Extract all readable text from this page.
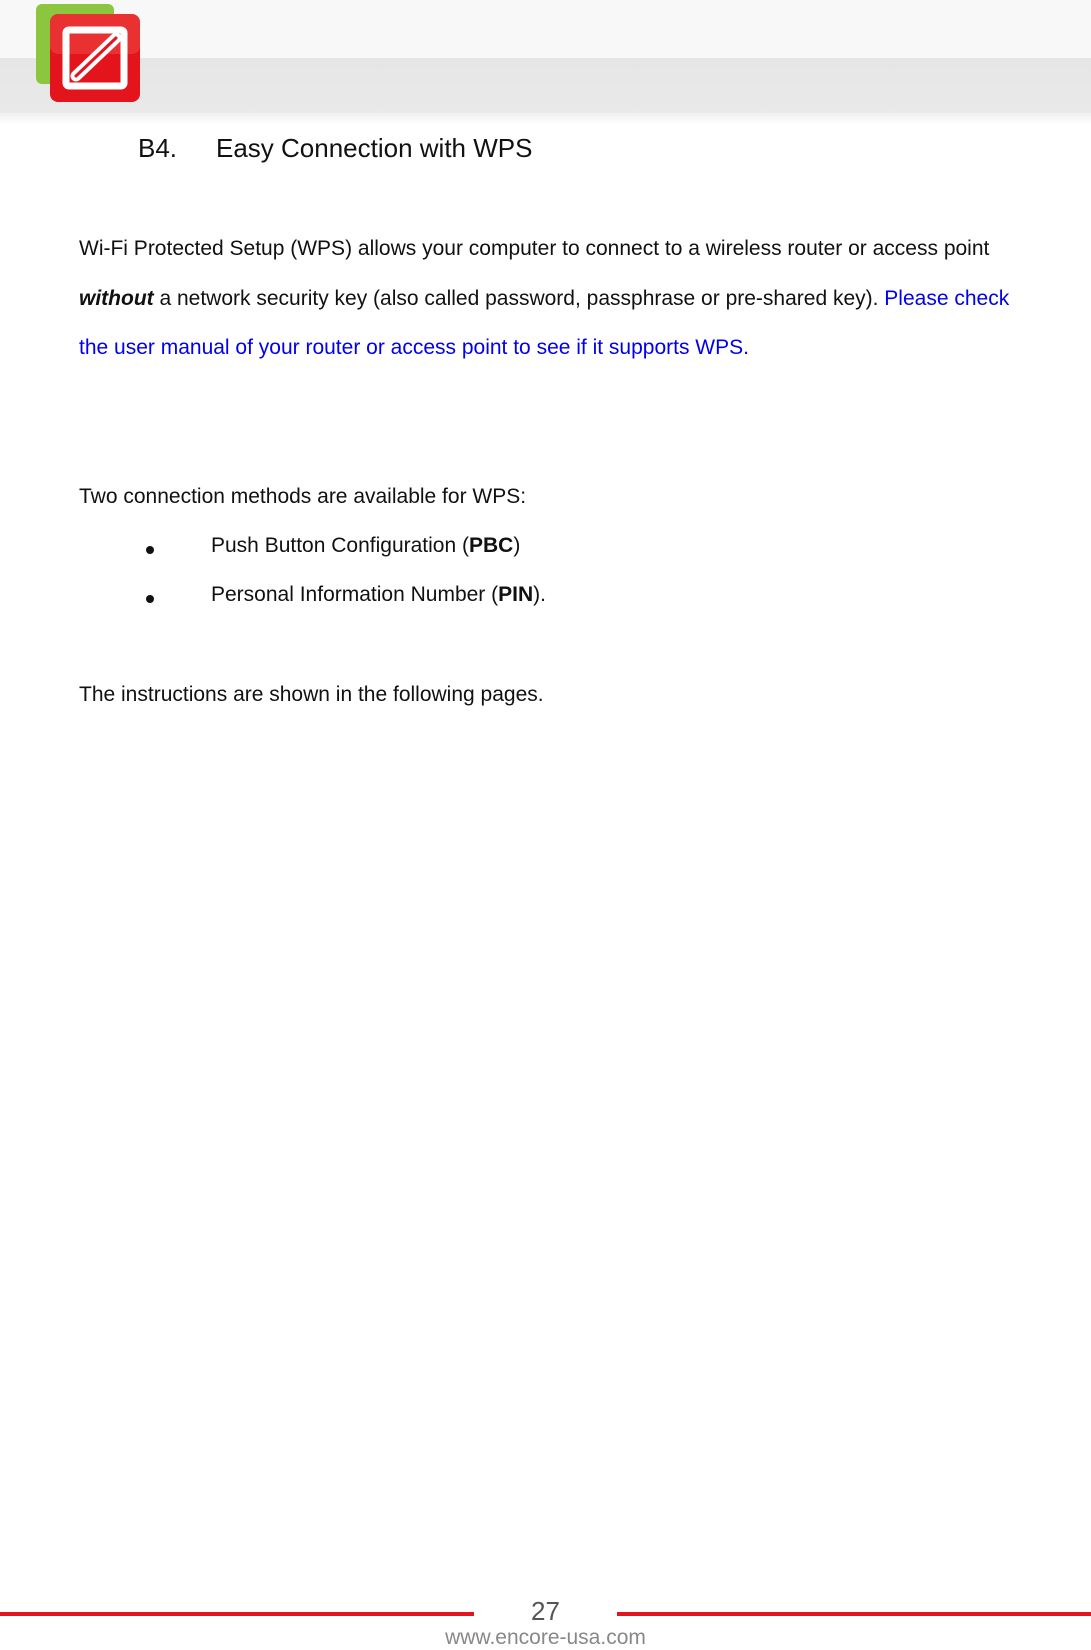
B4. Easy Connection with WPS
Wi-Fi Protected Setup (WPS) allows your computer to connect to a wireless router or access point without a network security key (also called password, passphrase or pre-shared key). Please check the user manual of your router or access point to see if it supports WPS.
Two connection methods are available for WPS:
Push Button Configuration (PBC)
Personal Information Number (PIN).
The instructions are shown in the following pages.
27
www.encore-usa.com
